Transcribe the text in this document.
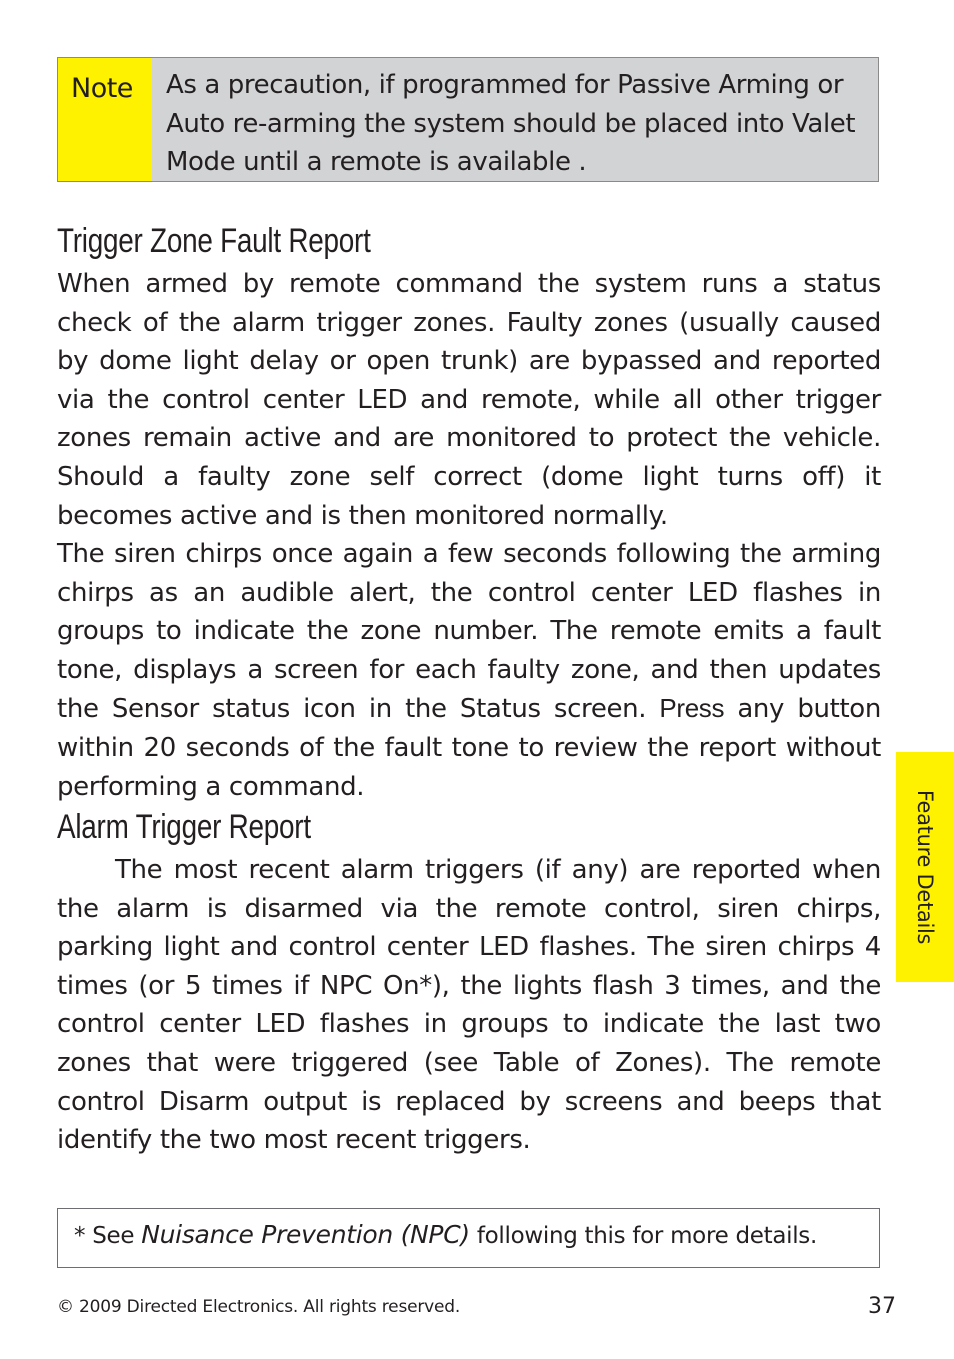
Note	As a precaution, if programmed for Passive Arming or Auto re-arming the system should be placed into Valet Mode until a remote is available .
Trigger Zone Fault Report

When armed by remote command the system runs a status check of the alarm trigger zones. Faulty zones (usually caused by dome light delay or open trunk) are bypassed and reported via the control center LED and remote, while all other trigger zones remain active and are monitored to protect the vehicle. Should a faulty zone self correct (dome light turns off) it becomes active and is then monitored normally.

The siren chirps once again a few seconds following the arming chirps as an audible alert, the control center LED flashes in groups to indicate the zone number. The remote emits a fault tone, displays a screen for each faulty zone, and then updates the Sensor status icon in the Status screen. Press any button within 20 seconds of the fault tone to review the report without performing a command.

Alarm Trigger Report

The most recent alarm triggers (if any) are reported when the alarm is disarmed via the remote control, siren chirps, parking light and control center LED flashes. The siren chirps 4 times (or 5 times if NPC On*), the lights flash 3 times, and the control center LED flashes in groups to indicate the last two zones that were triggered (see Table of Zones). The remote control Disarm output is replaced by screens and beeps that identify the two most recent triggers.

Feature Details
* See Nuisance Prevention (NPC) following this for more details.
© 2009 Directed Electronics. All rights reserved.	37
